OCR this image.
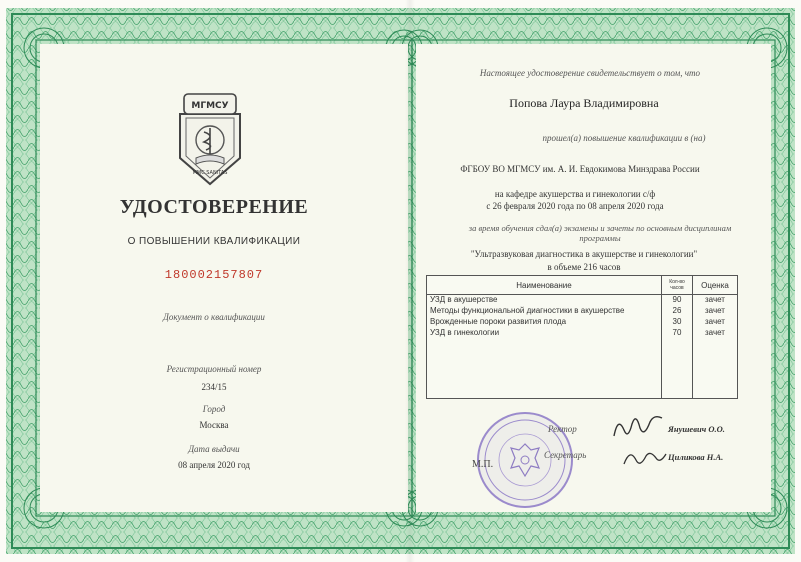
МГМСУ
MMC SANITAS
УДОСТОВЕРЕНИЕ
О ПОВЫШЕНИИ КВАЛИФИКАЦИИ
180002157807
Документ о квалификации
Регистрационный номер
234/15
Город
Москва
Дата выдачи
08 апреля 2020 год
Настоящее удостоверение свидетельствует о том, что
Попова Лаура Владимировна
прошел(а) повышение квалификации в (на)
ФГБОУ ВО МГМСУ им. А. И. Евдокимова Минздрава России
на кафедре акушерства и гинекологии с/ф
с 26 февраля 2020 года по 08 апреля 2020 года
за время обучения сдал(а) экзамены и зачеты по основным дисциплинам
программы
"Ультразвуковая диагностика в акушерстве и гинекологии"
в объеме 216 часов
Наименование	Кол-во часов	Оценка
УЗД в акушерстве	90	зачет
Методы функциональной диагностики в акушерстве	26	зачет
Врожденные пороки развития плода	30	зачет
УЗД в гинекологии	70	зачет

М.П.
Ректор	Янушевич О.О.
Секретарь	Циликова Н.А.
